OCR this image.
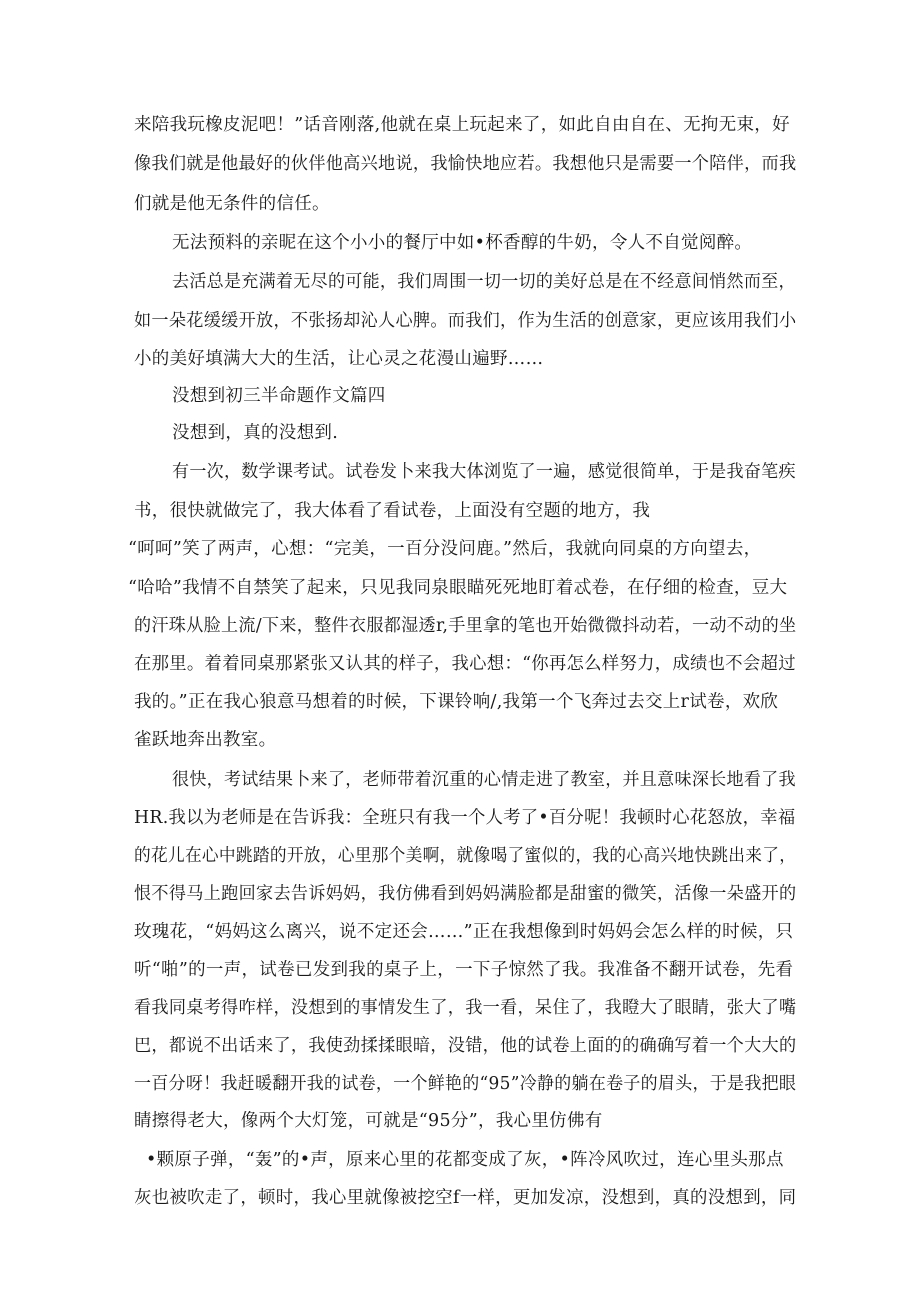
来陪我玩橡皮泥吧！”话音刚落,他就在桌上玩起来了，如此自由自在、无拘无束，好
像我们就是他最好的伙伴他高兴地说，我愉快地应若。我想他只是需要一个陪伴，而我
们就是他无条件的信任。
无法预料的亲昵在这个小小的餐厅中如•杯香醇的牛奶，令人不自觉阅醉。
去活总是充满着无尽的可能，我们周围一切一切的美好总是在不经意间悄然而至，
如一朵花缓缓开放，不张扬却沁人心脾。而我们，作为生活的创意家，更应该用我们小
小的美好填满大大的生活，让心灵之花漫山遍野……
没想到初三半命题作文篇四
没想到，真的没想到.
有一次，数学课考试。试卷发卜来我大体浏览了一遍，感觉很简单，于是我奋笔疾
书，很快就做完了，我大体看了看试卷，上面没有空题的地方，我
“呵呵”笑了两声，心想：“完美，一百分没问鹿。”然后，我就向同桌的方向望去，
“哈哈”我情不自禁笑了起来，只见我同泉眼瞄死死地盯着忒卷，在仔细的检查，豆大
的汗珠从脸上流/下来，整件衣服都湿透r,手里拿的笔也开始微微抖动若，一动不动的坐
在那里。着着同桌那紧张又认其的样子，我心想：“你再怎么样努力，成绩也不会超过
我的。”正在我心狼意马想着的时候，下课铃响/,我第一个飞奔过去交上r试卷，欢欣
雀跃地奔出教室。
很快，考试结果卜来了，老师带着沉重的心情走进了教室，并且意味深长地看了我
HR.我以为老师是在告诉我：全班只有我一个人考了•百分呢！我顿时心花怒放，幸福
的花儿在心中跳踏的开放，心里那个美啊，就像喝了蜜似的，我的心高兴地快跳出来了，
恨不得马上跑回家去告诉妈妈，我仿佛看到妈妈满脸都是甜蜜的微笑，活像一朵盛开的
玫瑰花，“妈妈这么离兴，说不定还会……”正在我想像到时妈妈会怎么样的时候，只
听“啪”的一声，试卷已发到我的桌子上，一下子惊然了我。我准备不翻开试卷，先看
看我同桌考得咋样，没想到的事情发生了，我一看，呆住了，我瞪大了眼睛，张大了嘴
巴，都说不出话来了，我使劲揉揉眼暗，没错，他的试卷上面的的确确写着一个大大的
一百分呀！我赶暖翻开我的试卷，一个鲜艳的“95”冷静的躺在卷子的眉头，于是我把眼
睛擦得老大，像两个大灯笼，可就是“95分”，我心里仿佛有
•颗原子弹，“轰”的•声，原来心里的花都变成了灰，•阵冷风吹过，连心里头那点
灰也被吹走了，顿时，我心里就像被挖空f一样，更加发凉，没想到，真的没想到，同
